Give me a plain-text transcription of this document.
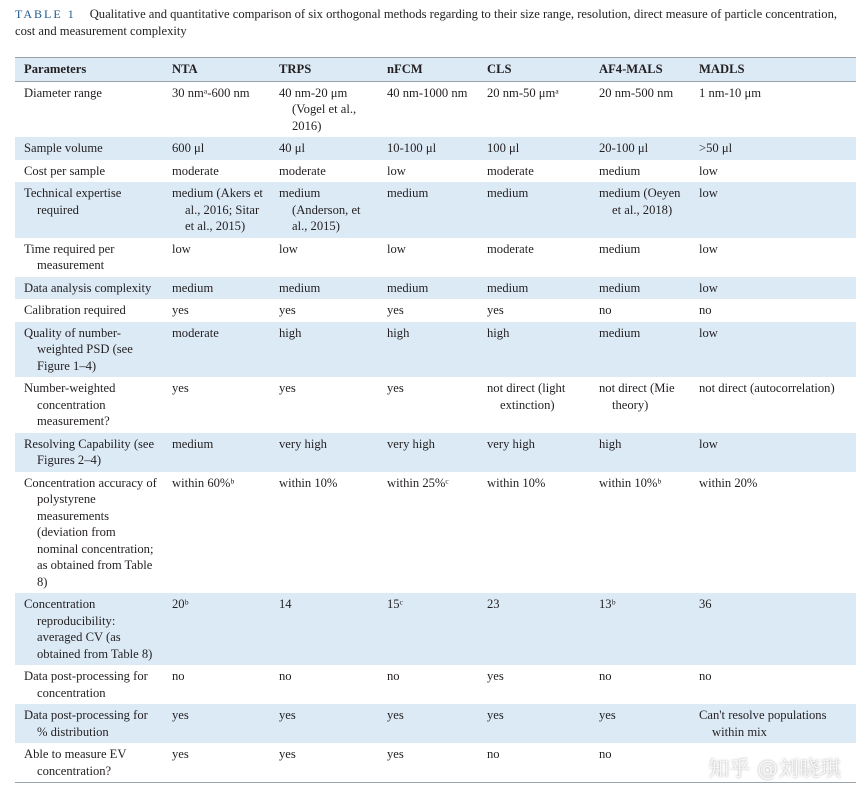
TABLE 1 Qualitative and quantitative comparison of six orthogonal methods regarding to their size range, resolution, direct measure of particle concentration, cost and measurement complexity
Parameters	NTA	TRPS	nFCM	CLS	AF4-MALS	MADLS

Diameter range	30 nmᵃ-600 nm	40 nm-20 μm (Vogel et al., 2016)	40 nm-1000 nm	20 nm-50 μmᵃ	20 nm-500 nm	1 nm-10 μm

Sample volume	600 μl	40 μl	10-100 μl	100 μl	20-100 μl	>50 μl

Cost per sample	moderate	moderate	low	moderate	medium	low

Technical expertise required	medium (Akers et al., 2016; Sitar et al., 2015)	medium (Anderson, et al., 2015)	medium	medium	medium (Oeyen et al., 2018)	low

Time required per measurement	low	low	low	moderate	medium	low

Data analysis complexity	medium	medium	medium	medium	medium	low

Calibration required	yes	yes	yes	yes	no	no

Quality of number-weighted PSD (see Figure 1–4)	moderate	high	high	high	medium	low

Number-weighted concentration measurement?	yes	yes	yes	not direct (light extinction)	not direct (Mie theory)	not direct (autocorrelation)

Resolving Capability (see Figures 2–4)	medium	very high	very high	very high	high	low

Concentration accuracy of polystyrene measurements (deviation from nominal concentration; as obtained from Table 8)	within 60%ᵇ	within 10%	within 25%ᶜ	within 10%	within 10%ᵇ	within 20%

Concentration reproducibility: averaged CV (as obtained from Table 8)	20ᵇ	14	15ᶜ	23	13ᵇ	36

Data post-processing for concentration	no	no	no	yes	no	no

Data post-processing for % distribution	yes	yes	yes	yes	yes	Can't resolve populations within mix

Able to measure EV concentration?	yes	yes	yes	no	no	

知乎 @刘晓琪
